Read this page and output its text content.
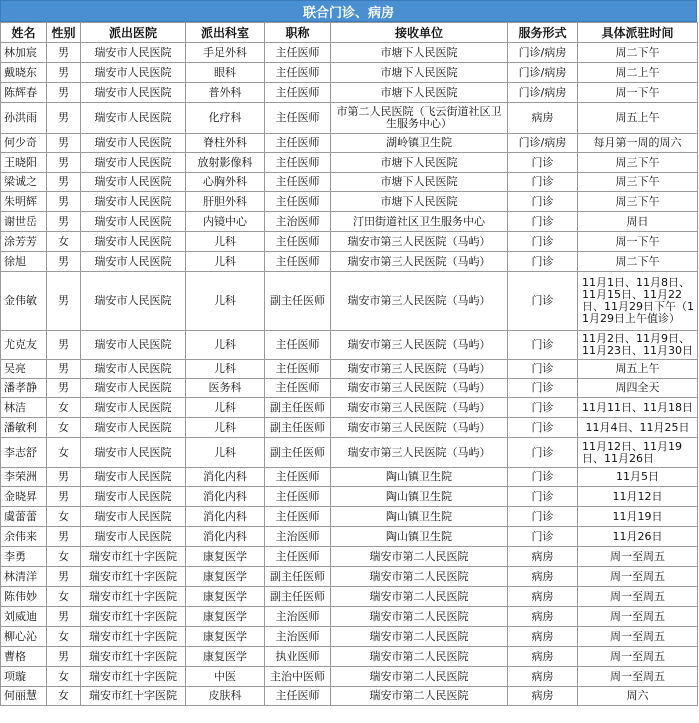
联合门诊、病房
姓名	性别	派出医院	派出科室	职称	接收单位	服务形式	具体派驻时间
林加宸	男	瑞安市人民医院	手足外科	主任医师	市塘下人民医院	门诊/病房	周二下午
戴晓东	男	瑞安市人民医院	眼科	主任医师	市塘下人民医院	门诊/病房	周二上午
陈辉春	男	瑞安市人民医院	普外科	主任医师	市塘下人民医院	门诊/病房	周一下午
孙洪雨	男	瑞安市人民医院	化疗科	主任医师	市第二人民医院（飞云街道社区卫生服务中心）	病房	周五上午
何少奇	男	瑞安市人民医院	脊柱外科	主任医师	湖岭镇卫生院	门诊/病房	每月第一周的周六
王晓阳	男	瑞安市人民医院	放射影像科	主任医师	市塘下人民医院	门诊	周三下午
梁诚之	男	瑞安市人民医院	心胸外科	主任医师	市塘下人民医院	门诊	周三下午
朱明辉	男	瑞安市人民医院	肝胆外科	主任医师	市塘下人民医院	门诊	周三下午
谢世岳	男	瑞安市人民医院	内镜中心	主治医师	汀田街道社区卫生服务中心	门诊	周日
涂芳芳	女	瑞安市人民医院	儿科	主任医师	瑞安市第三人民医院（马屿）	门诊	周一下午
徐旭	男	瑞安市人民医院	儿科	主任医师	瑞安市第三人民医院（马屿）	门诊	周二下午
金伟敏	男	瑞安市人民医院	儿科	副主任医师	瑞安市第三人民医院（马屿）	门诊	11月1日、11月8日、11月15日、11月22日、11月29日下午（11月29日上午值诊）
尤克友	男	瑞安市人民医院	儿科	主任医师	瑞安市第三人民医院（马屿）	门诊	11月2日、11月9日、11月23日、11月30日
吴亮	男	瑞安市人民医院	儿科	主任医师	瑞安市第三人民医院（马屿）	门诊	周五上午
潘孝静	男	瑞安市人民医院	医务科	主任医师	瑞安市第三人民医院（马屿）	门诊	周四全天
林洁	女	瑞安市人民医院	儿科	副主任医师	瑞安市第三人民医院（马屿）	门诊	11月11日、11月18日
潘敏利	女	瑞安市人民医院	儿科	副主任医师	瑞安市第三人民医院（马屿）	门诊	11月4日、11月25日
李志舒	女	瑞安市人民医院	儿科	副主任医师	瑞安市第三人民医院（马屿）	门诊	11月12日、11月19日、11月26日
李荣洲	男	瑞安市人民医院	消化内科	主任医师	陶山镇卫生院	门诊	11月5日
金晓昇	男	瑞安市人民医院	消化内科	主任医师	陶山镇卫生院	门诊	11月12日
虞蕾蕾	女	瑞安市人民医院	消化内科	主任医师	陶山镇卫生院	门诊	11月19日
余伟来	男	瑞安市人民医院	消化内科	主治医师	陶山镇卫生院	门诊	11月26日
李勇	女	瑞安市红十字医院	康复医学	主任医师	瑞安市第二人民医院	病房	周一至周五
林清洋	男	瑞安市红十字医院	康复医学	副主任医师	瑞安市第二人民医院	病房	周一至周五
陈伟妙	女	瑞安市红十字医院	康复医学	副主任医师	瑞安市第二人民医院	病房	周一至周五
刘威迪	男	瑞安市红十字医院	康复医学	主治医师	瑞安市第二人民医院	病房	周一至周五
柳心沁	女	瑞安市红十字医院	康复医学	主治医师	瑞安市第二人民医院	病房	周一至周五
曹格	男	瑞安市红十字医院	康复医学	执业医师	瑞安市第二人民医院	病房	周一至周五
项璇	女	瑞安市红十字医院	中医	主治中医师	瑞安市第二人民医院	病房	周一至周五
何丽慧	女	瑞安市红十字医院	皮肤科	主任医师	瑞安市第二人民医院	病房	周六
